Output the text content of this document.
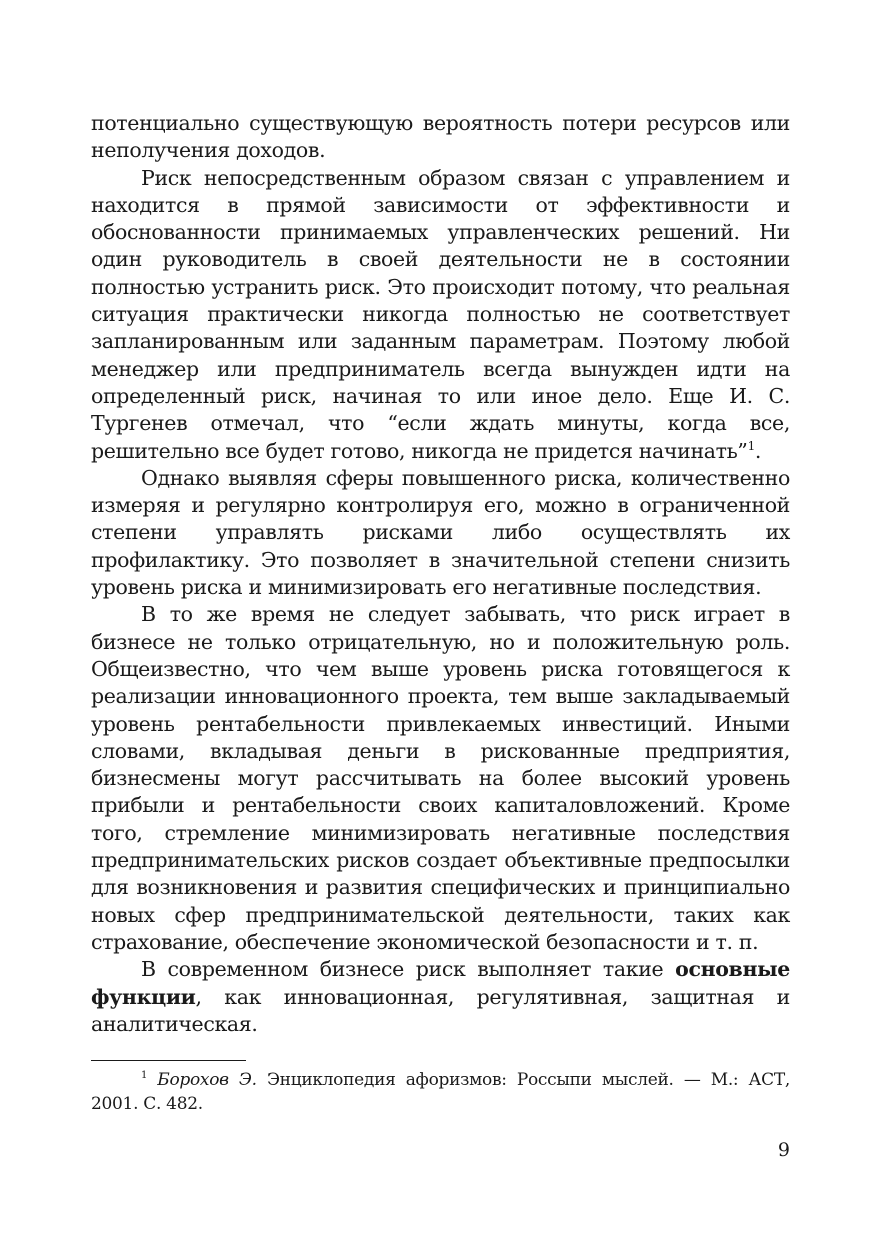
потенциально существующую вероятность потери ресурсов или неполучения доходов.

Риск непосредственным образом связан с управлением и находится в прямой зависимости от эффективности и обоснованности принимаемых управленческих решений. Ни один руководитель в своей деятельности не в состоянии полностью устранить риск. Это происходит потому, что реальная ситуация практически никогда полностью не соответствует запланированным или заданным параметрам. Поэтому любой менеджер или предприниматель всегда вынужден идти на определенный риск, начиная то или иное дело. Еще И. С. Тургенев отмечал, что “если ждать минуты, когда все, решительно все будет готово, никогда не придется начинать”$^1$.

Однако выявляя сферы повышенного риска, количественно измеряя и регулярно контролируя его, можно в ограниченной степени управлять рисками либо осуществлять их профилактику. Это позволяет в значительной степени снизить уровень риска и минимизировать его негативные последствия.

В то же время не следует забывать, что риск играет в бизнесе не только отрицательную, но и положительную роль. Общеизвестно, что чем выше уровень риска готовящегося к реализации инновационного проекта, тем выше закладываемый уровень рентабельности привлекаемых инвестиций. Иными словами, вкладывая деньги в рискованные предприятия, бизнесмены могут рассчитывать на более высокий уровень прибыли и рентабельности своих капиталовложений. Кроме того, стремление минимизировать негативные последствия предпринимательских рисков создает объективные предпосылки для возникновения и развития специфических и принципиально новых сфер предпринимательской деятельности, таких как страхование, обеспечение экономической безопасности и т. п.

В современном бизнесе риск выполняет такие основные функции, как инновационная, регулятивная, защитная и аналитическая.

$^1$ Борохов Э. Энциклопедия афоризмов: Россыпи мыслей. — М.: АСТ, 2001. С. 482.

9
